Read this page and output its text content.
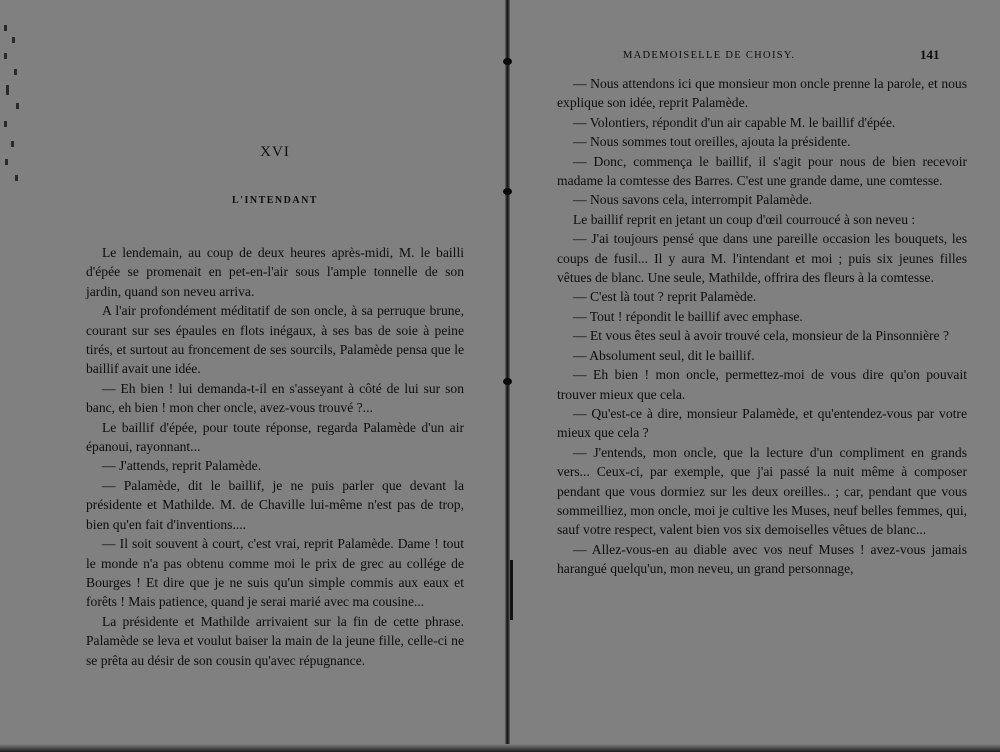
XVI
L'INTENDANT

Le lendemain, au coup de deux heures après-midi, M. le bailli d'épée se promenait en pet-en-l'air sous l'ample tonnelle de son jardin, quand son neveu arriva.

A l'air profondément méditatif de son oncle, à sa perruque brune, courant sur ses épaules en flots inégaux, à ses bas de soie à peine tirés, et surtout au froncement de ses sourcils, Palamède pensa que le baillif avait une idée.

— Eh bien ! lui demanda-t-il en s'asseyant à côté de lui sur son banc, eh bien ! mon cher oncle, avez-vous trouvé ?...

Le baillif d'épée, pour toute réponse, regarda Palamède d'un air épanoui, rayonnant...

— J'attends, reprit Palamède.

— Palamède, dit le baillif, je ne puis parler que devant la présidente et Mathilde. M. de Chaville lui-même n'est pas de trop, bien qu'en fait d'inventions....

— Il soit souvent à court, c'est vrai, reprit Palamède. Dame ! tout le monde n'a pas obtenu comme moi le prix de grec au collége de Bourges ! Et dire que je ne suis qu'un simple commis aux eaux et forêts ! Mais patience, quand je serai marié avec ma cousine...

La présidente et Mathilde arrivaient sur la fin de cette phrase. Palamède se leva et voulut baiser la main de la jeune fille, celle-ci ne se prêta au désir de son cousin qu'avec répugnance.

MADEMOISELLE DE CHOISY.	141

— Nous attendons ici que monsieur mon oncle prenne la parole, et nous explique son idée, reprit Palamède.

— Volontiers, répondit d'un air capable M. le baillif d'épée.

— Nous sommes tout oreilles, ajouta la présidente.

— Donc, commença le baillif, il s'agit pour nous de bien recevoir madame la comtesse des Barres. C'est une grande dame, une comtesse.

— Nous savons cela, interrompit Palamède.

Le baillif reprit en jetant un coup d'œil courroucé à son neveu :

— J'ai toujours pensé que dans une pareille occasion les bouquets, les coups de fusil... Il y aura M. l'intendant et moi ; puis six jeunes filles vêtues de blanc. Une seule, Mathilde, offrira des fleurs à la comtesse.

— C'est là tout ? reprit Palamède.

— Tout ! répondit le baillif avec emphase.

— Et vous êtes seul à avoir trouvé cela, monsieur de la Pinsonnière ?

— Absolument seul, dit le baillif.

— Eh bien ! mon oncle, permettez-moi de vous dire qu'on pouvait trouver mieux que cela.

— Qu'est-ce à dire, monsieur Palamède, et qu'entendez-vous par votre mieux que cela ?

— J'entends, mon oncle, que la lecture d'un compliment en grands vers... Ceux-ci, par exemple, que j'ai passé la nuit même à composer pendant que vous dormiez sur les deux oreilles.. ; car, pendant que vous sommeilliez, mon oncle, moi je cultive les Muses, neuf belles femmes, qui, sauf votre respect, valent bien vos six demoiselles vêtues de blanc...

— Allez-vous-en au diable avec vos neuf Muses ! avez-vous jamais harangué quelqu'un, mon neveu, un grand personnage,
